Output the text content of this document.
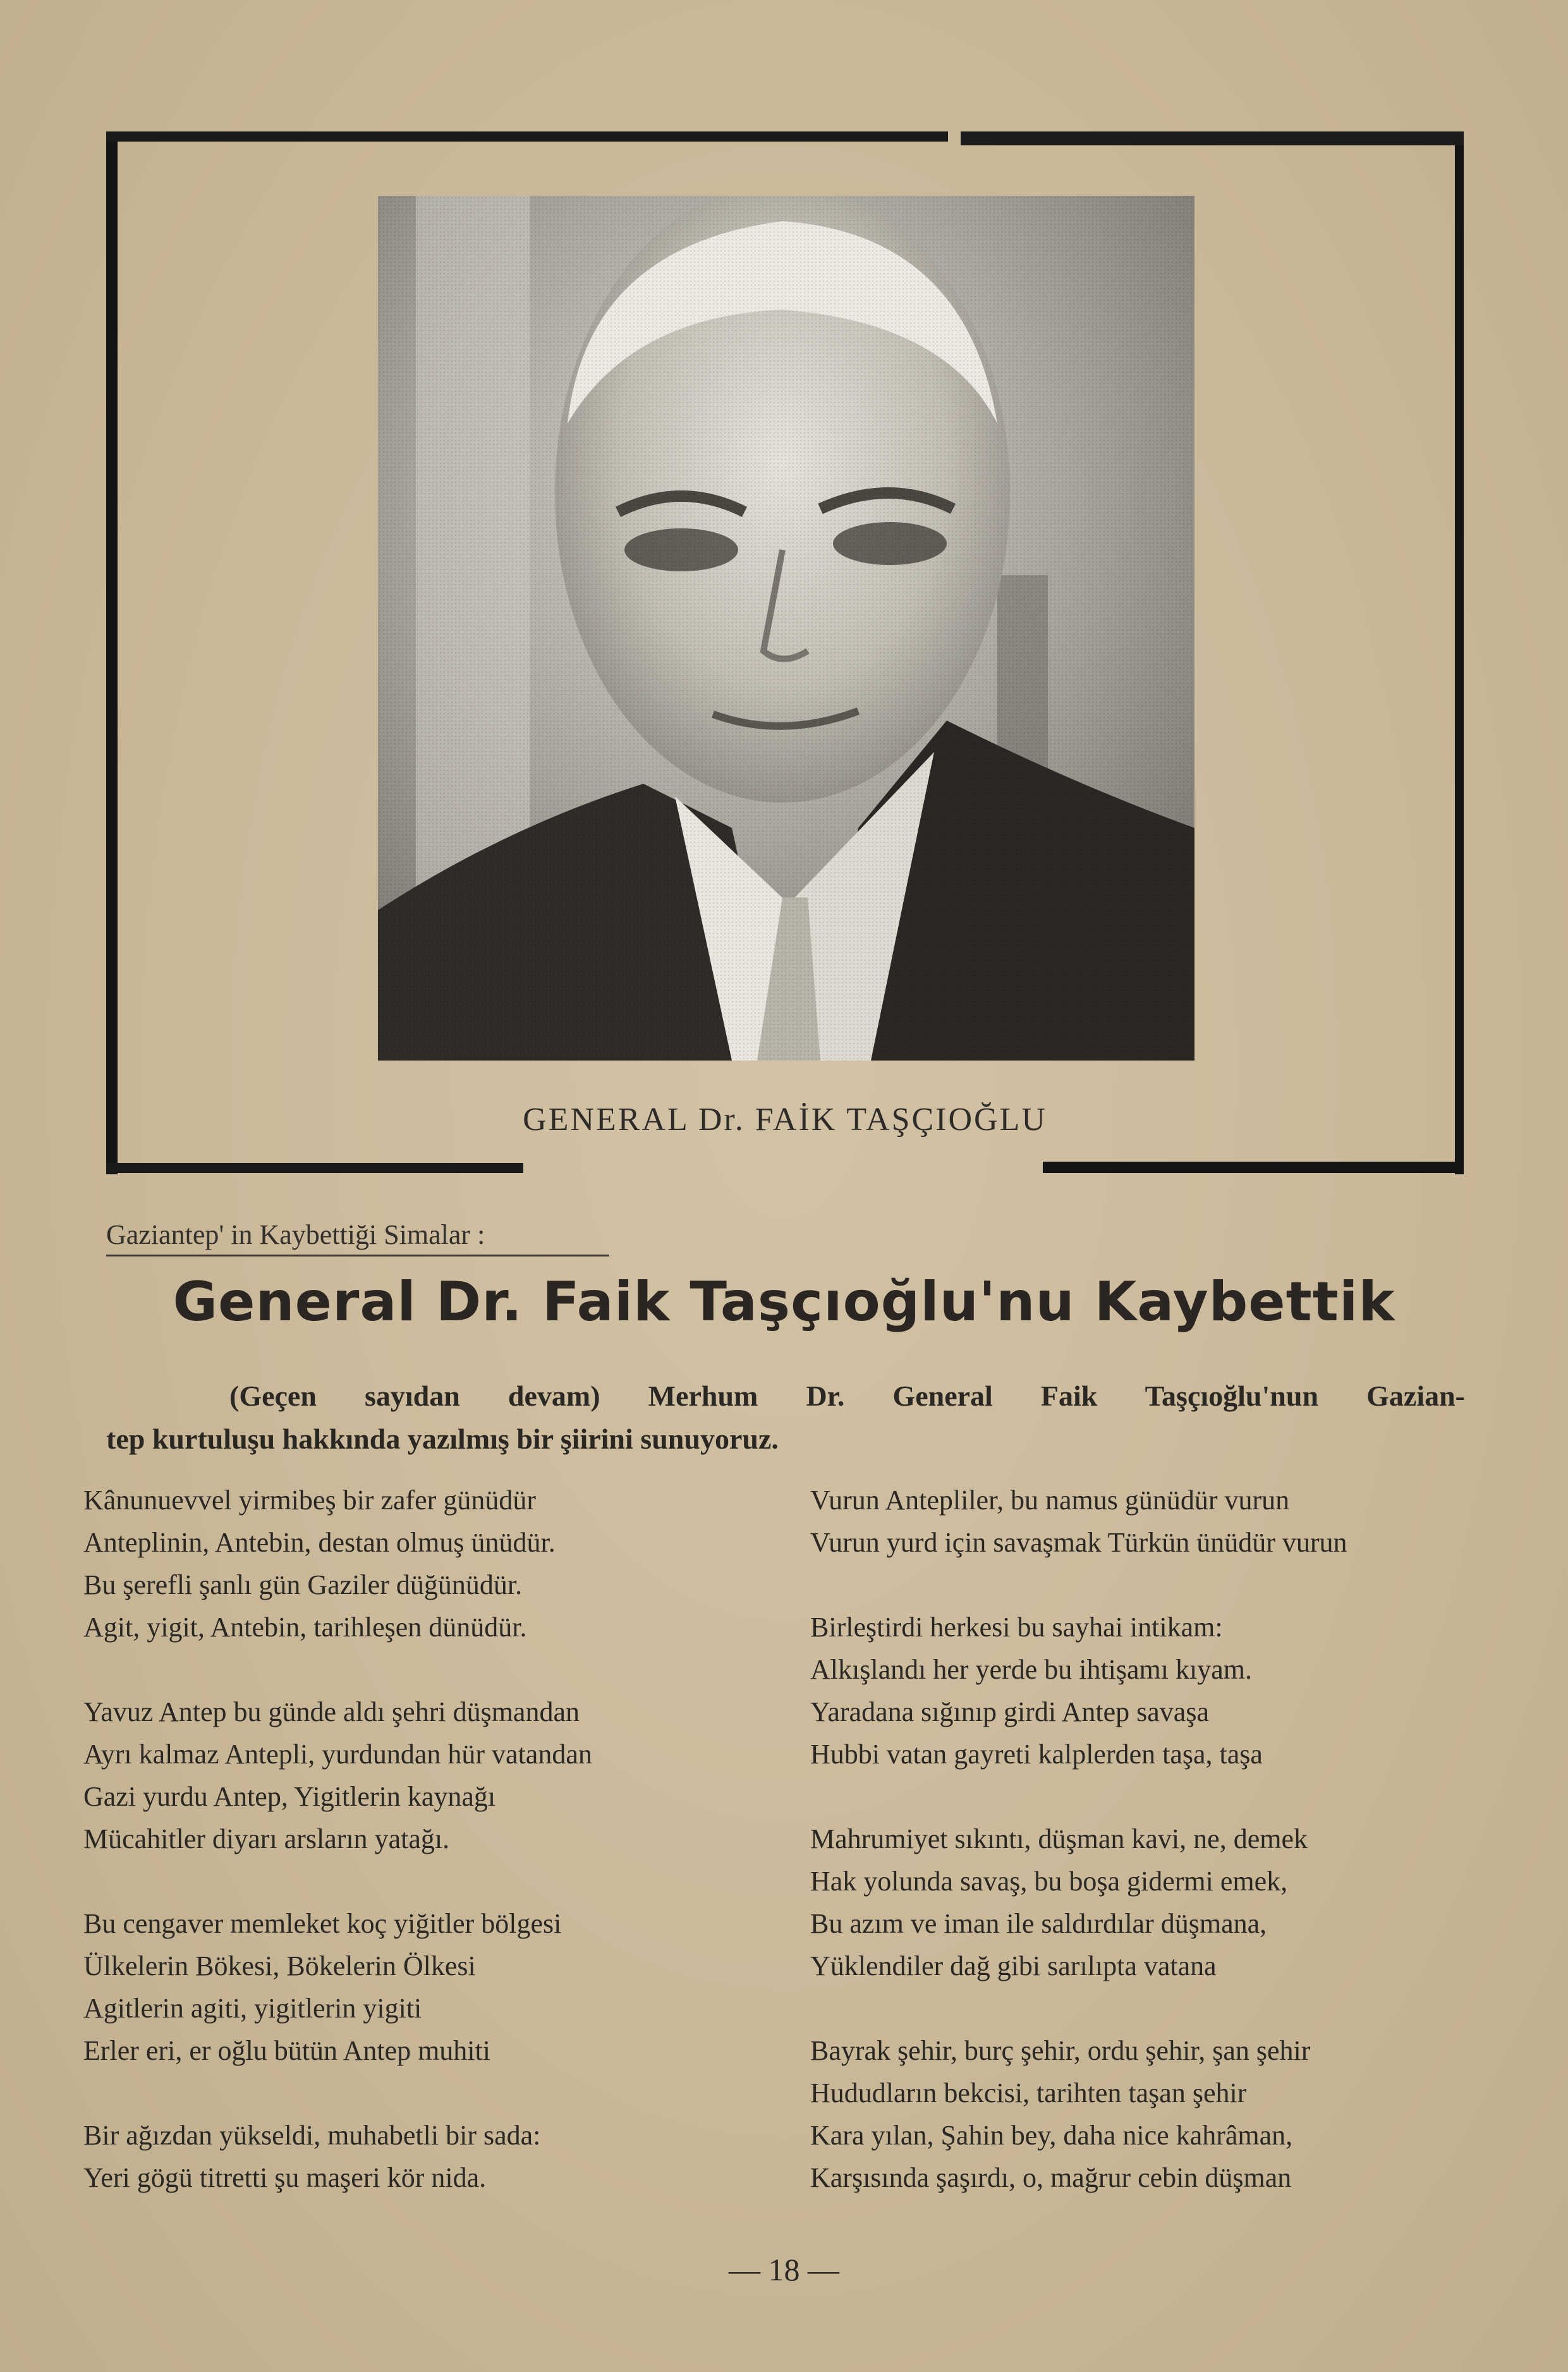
GENERAL Dr. FAİK TAŞÇIOĞLU
Gaziantep' in Kaybettiği Simalar :
General Dr. Faik Taşçıoğlu'nu Kaybettik
(Geçen sayıdan devam) Merhum Dr. General Faik Taşçıoğlu'nun Gazian-
tep kurtuluşu hakkında yazılmış bir şiirini sunuyoruz.
Kânunuevvel yirmibeş bir zafer günüdür
Anteplinin, Antebin, destan olmuş ünüdür.
Bu şerefli şanlı gün Gaziler düğünüdür.
Agit, yigit, Antebin, tarihleşen dünüdür.
Yavuz Antep bu günde aldı şehri düşmandan
Ayrı kalmaz Antepli, yurdundan hür vatandan
Gazi yurdu Antep, Yigitlerin kaynağı
Mücahitler diyarı arsların yatağı.
Bu cengaver memleket koç yiğitler bölgesi
Ülkelerin Bökesi, Bökelerin Ölkesi
Agitlerin agiti, yigitlerin yigiti
Erler eri, er oğlu bütün Antep muhiti
Bir ağızdan yükseldi, muhabetli bir sada:
Yeri gögü titretti şu maşeri kör nida.
Vurun Antepliler, bu namus günüdür vurun
Vurun yurd için savaşmak Türkün ünüdür vurun
Birleştirdi herkesi bu sayhai intikam:
Alkışlandı her yerde bu ihtişamı kıyam.
Yaradana sığınıp girdi Antep savaşa
Hubbi vatan gayreti kalplerden taşa, taşa
Mahrumiyet sıkıntı, düşman kavi, ne, demek
Hak yolunda savaş, bu boşa gidermi emek,
Bu azım ve iman ile saldırdılar düşmana,
Yüklendiler dağ gibi sarılıpta vatana
Bayrak şehir, burç şehir, ordu şehir, şan şehir
Hududların bekcisi, tarihten taşan şehir
Kara yılan, Şahin bey, daha nice kahrâman,
Karşısında şaşırdı, o, mağrur cebin düşman
— 18 —
